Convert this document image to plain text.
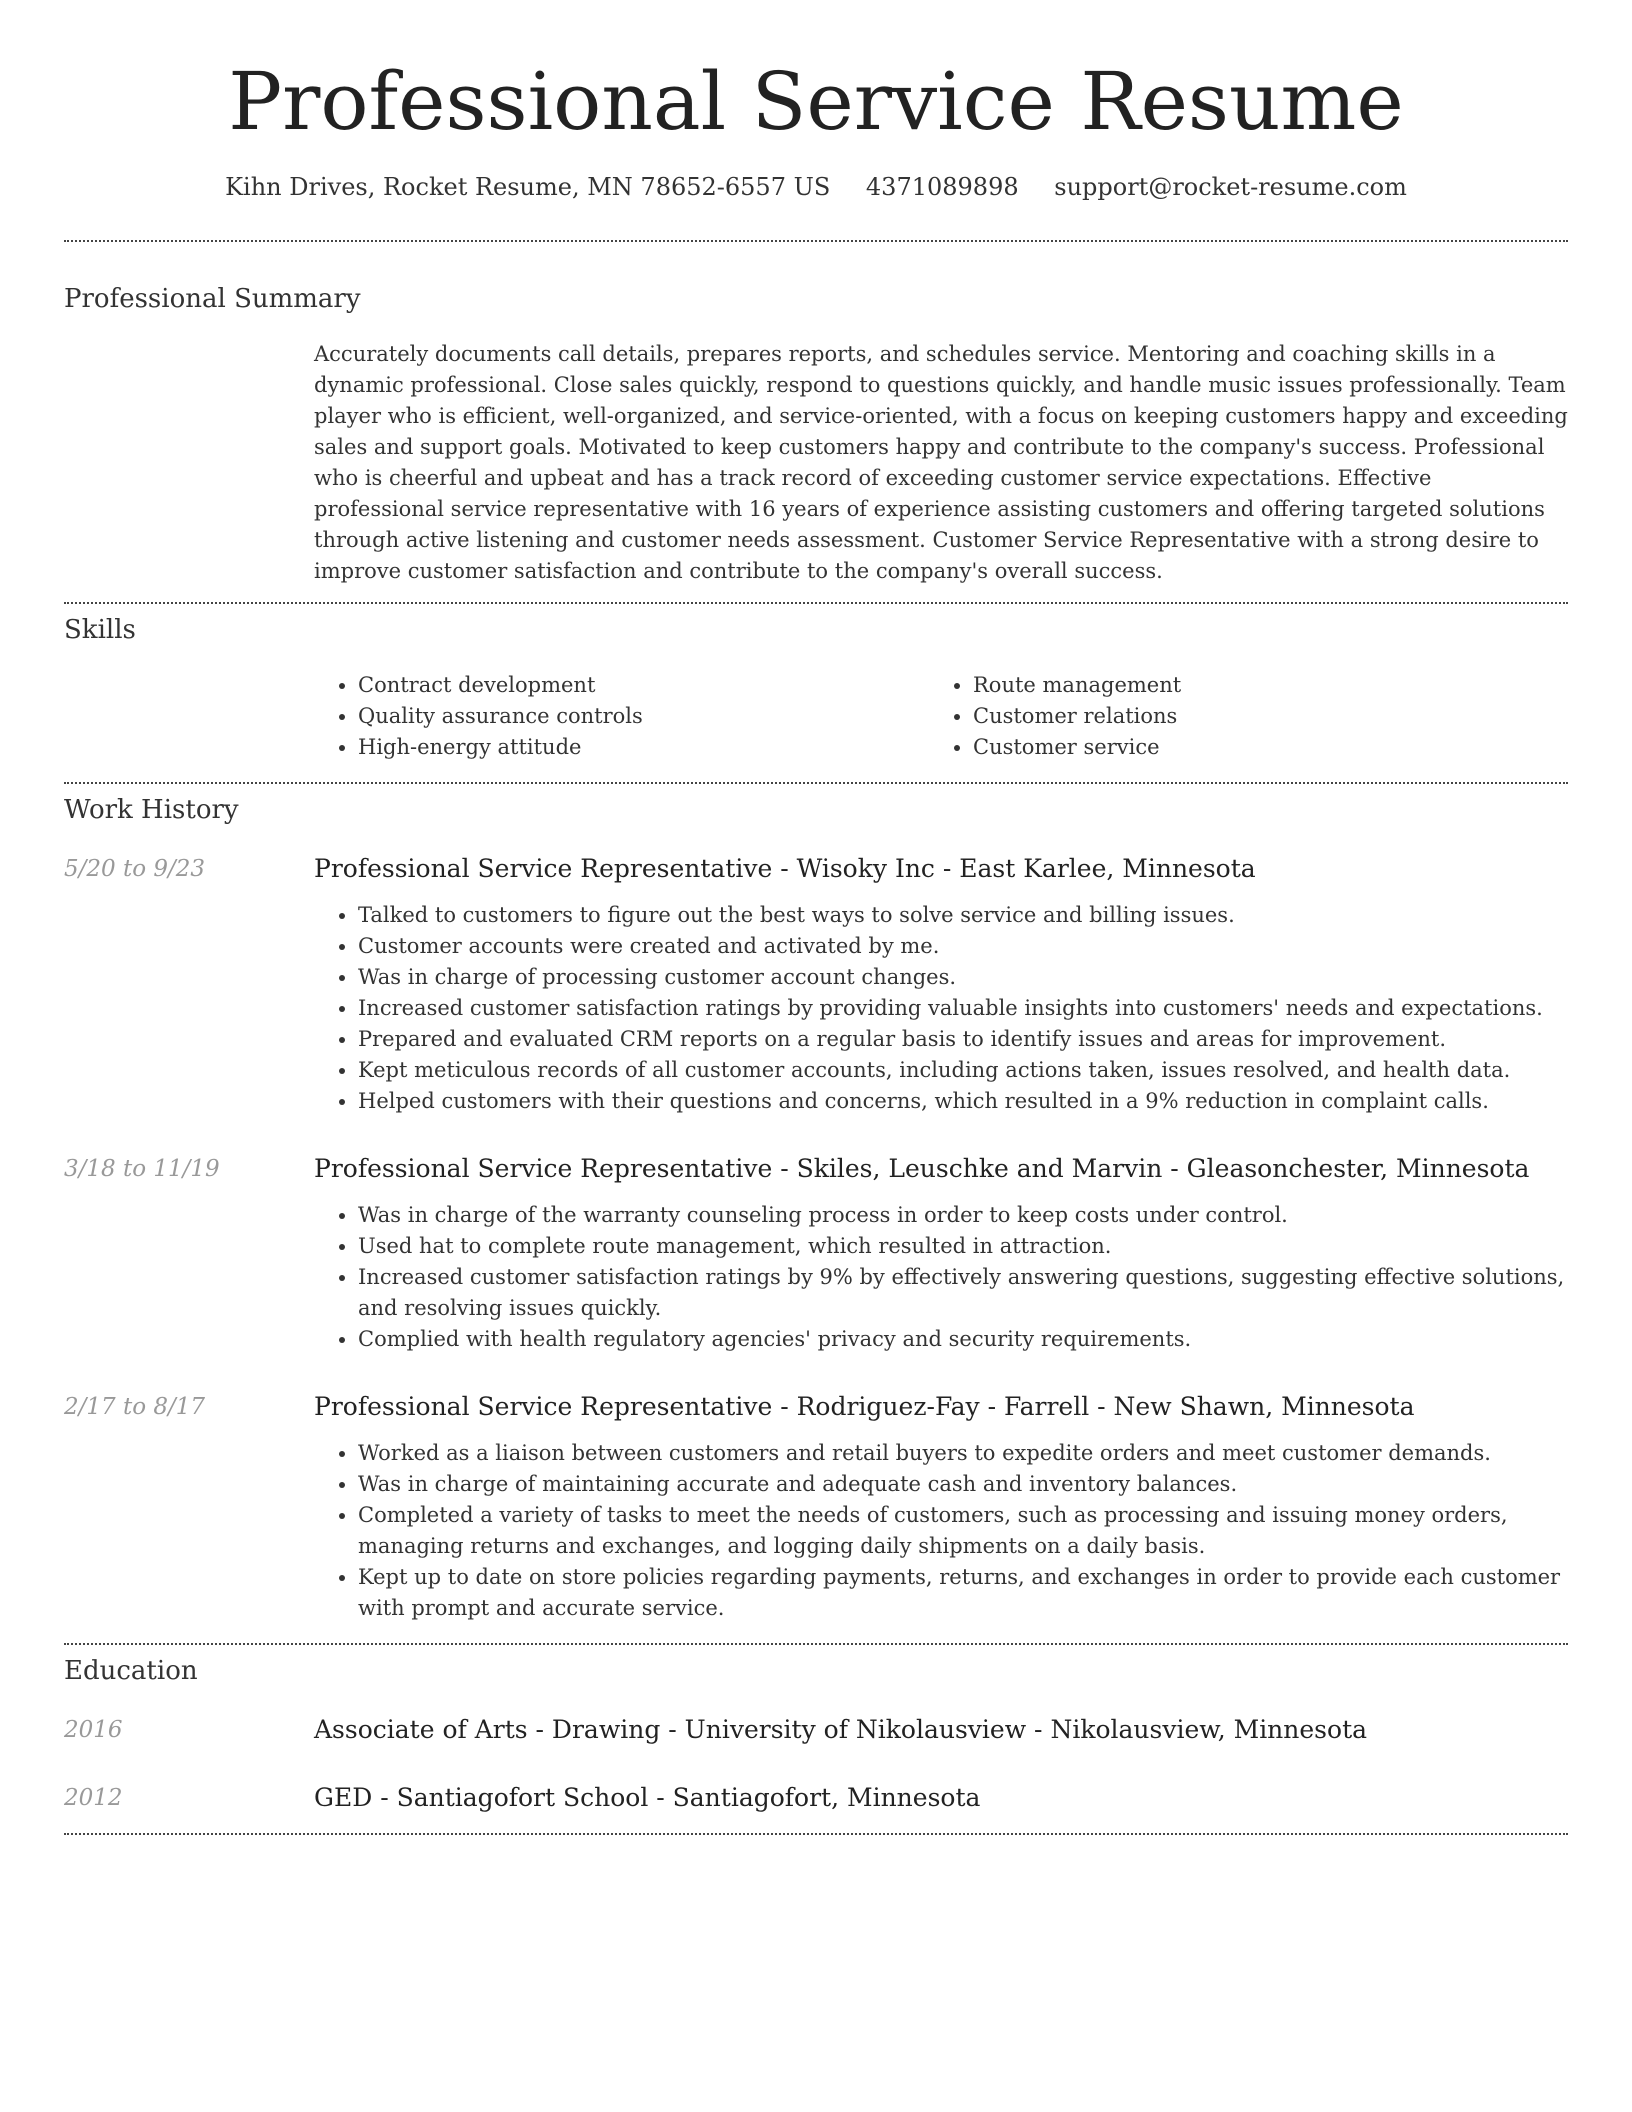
Professional Service Resume
Kihn Drives, Rocket Resume, MN 78652-6557 US 4371089898 support@rocket-resume.com
Professional Summary

Accurately documents call details, prepares reports, and schedules service. Mentoring and coaching skills in a dynamic professional. Close sales quickly, respond to questions quickly, and handle music issues professionally. Team player who is efficient, well-organized, and service-oriented, with a focus on keeping customers happy and exceeding sales and support goals. Motivated to keep customers happy and contribute to the company's success. Professional who is cheerful and upbeat and has a track record of exceeding customer service expectations. Effective professional service representative with 16 years of experience assisting customers and offering targeted solutions through active listening and customer needs assessment. Customer Service Representative with a strong desire to improve customer satisfaction and contribute to the company's overall success.

Skills
• Contract development
• Quality assurance controls
• High-energy attitude
• Route management
• Customer relations
• Customer service
Work History
5/20 to 9/23	Professional Service Representative - Wisoky Inc - East Karlee, Minnesota
• Talked to customers to figure out the best ways to solve service and billing issues.
• Customer accounts were created and activated by me.
• Was in charge of processing customer account changes.
• Increased customer satisfaction ratings by providing valuable insights into customers' needs and expectations.
• Prepared and evaluated CRM reports on a regular basis to identify issues and areas for improvement.
• Kept meticulous records of all customer accounts, including actions taken, issues resolved, and health data.
• Helped customers with their questions and concerns, which resulted in a 9% reduction in complaint calls.
3/18 to 11/19	Professional Service Representative - Skiles, Leuschke and Marvin - Gleasonchester, Minnesota
• Was in charge of the warranty counseling process in order to keep costs under control.
• Used hat to complete route management, which resulted in attraction.
• Increased customer satisfaction ratings by 9% by effectively answering questions, suggesting effective solutions, and resolving issues quickly.
• Complied with health regulatory agencies' privacy and security requirements.
2/17 to 8/17	Professional Service Representative - Rodriguez-Fay - Farrell - New Shawn, Minnesota
• Worked as a liaison between customers and retail buyers to expedite orders and meet customer demands.
• Was in charge of maintaining accurate and adequate cash and inventory balances.
• Completed a variety of tasks to meet the needs of customers, such as processing and issuing money orders, managing returns and exchanges, and logging daily shipments on a daily basis.
• Kept up to date on store policies regarding payments, returns, and exchanges in order to provide each customer with prompt and accurate service.
Education
2016	Associate of Arts - Drawing - University of Nikolausview - Nikolausview, Minnesota
2012	GED - Santiagofort School - Santiagofort, Minnesota
